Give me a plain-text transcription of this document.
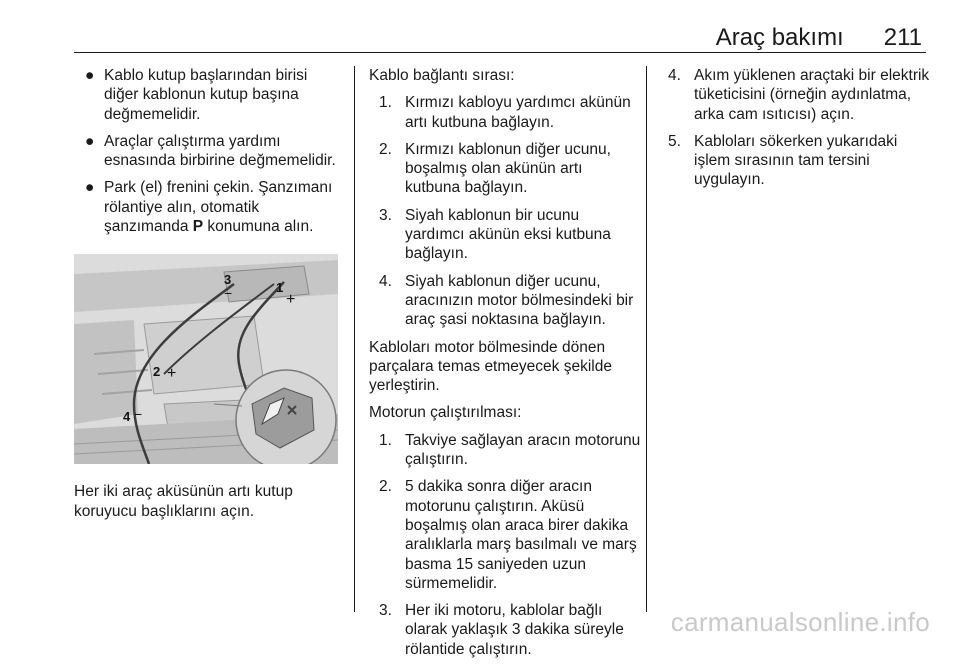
Araç bakımı 211
● Kablo kutup başlarından birisi diğer kablonun kutup başına değmemelidir.
● Araçlar çalıştırma yardımı esnasında birbirine değmemelidir.
● Park (el) frenini çekin. Şanzımanı rölantiye alın, otomatik şanzımanda P konumuna alın.
3
−	1
+
2 +
4 −

Her iki araç aküsünün artı kutup koruyucu başlıklarını açın.

Kablo bağlantı sırası:

1. Kırmızı kabloyu yardımcı akünün artı kutbuna bağlayın.
2. Kırmızı kablonun diğer ucunu, boşalmış olan akünün artı kutbuna bağlayın.
3. Siyah kablonun bir ucunu yardımcı akünün eksi kutbuna bağlayın.
4. Siyah kablonun diğer ucunu, aracınızın motor bölmesindeki bir araç şasi noktasına bağlayın.

Kabloları motor bölmesinde dönen parçalara temas etmeyecek şekilde yerleştirin.

Motorun çalıştırılması:

1. Takviye sağlayan aracın motorunu çalıştırın.
2. 5 dakika sonra diğer aracın motorunu çalıştırın. Aküsü boşalmış olan araca birer dakika aralıklarla marş basılmalı ve marş basma 15 saniyeden uzun sürmemelidir.
3. Her iki motoru, kablolar bağlı olarak yaklaşık 3 dakika süreyle rölantide çalıştırın.
4. Akım yüklenen araçtaki bir elektrik tüketicisini (örneğin aydınlatma, arka cam ısıtıcısı) açın.
5. Kabloları sökerken yukarıdaki işlem sırasının tam tersini uygulayın.
carmanualsonline.info
